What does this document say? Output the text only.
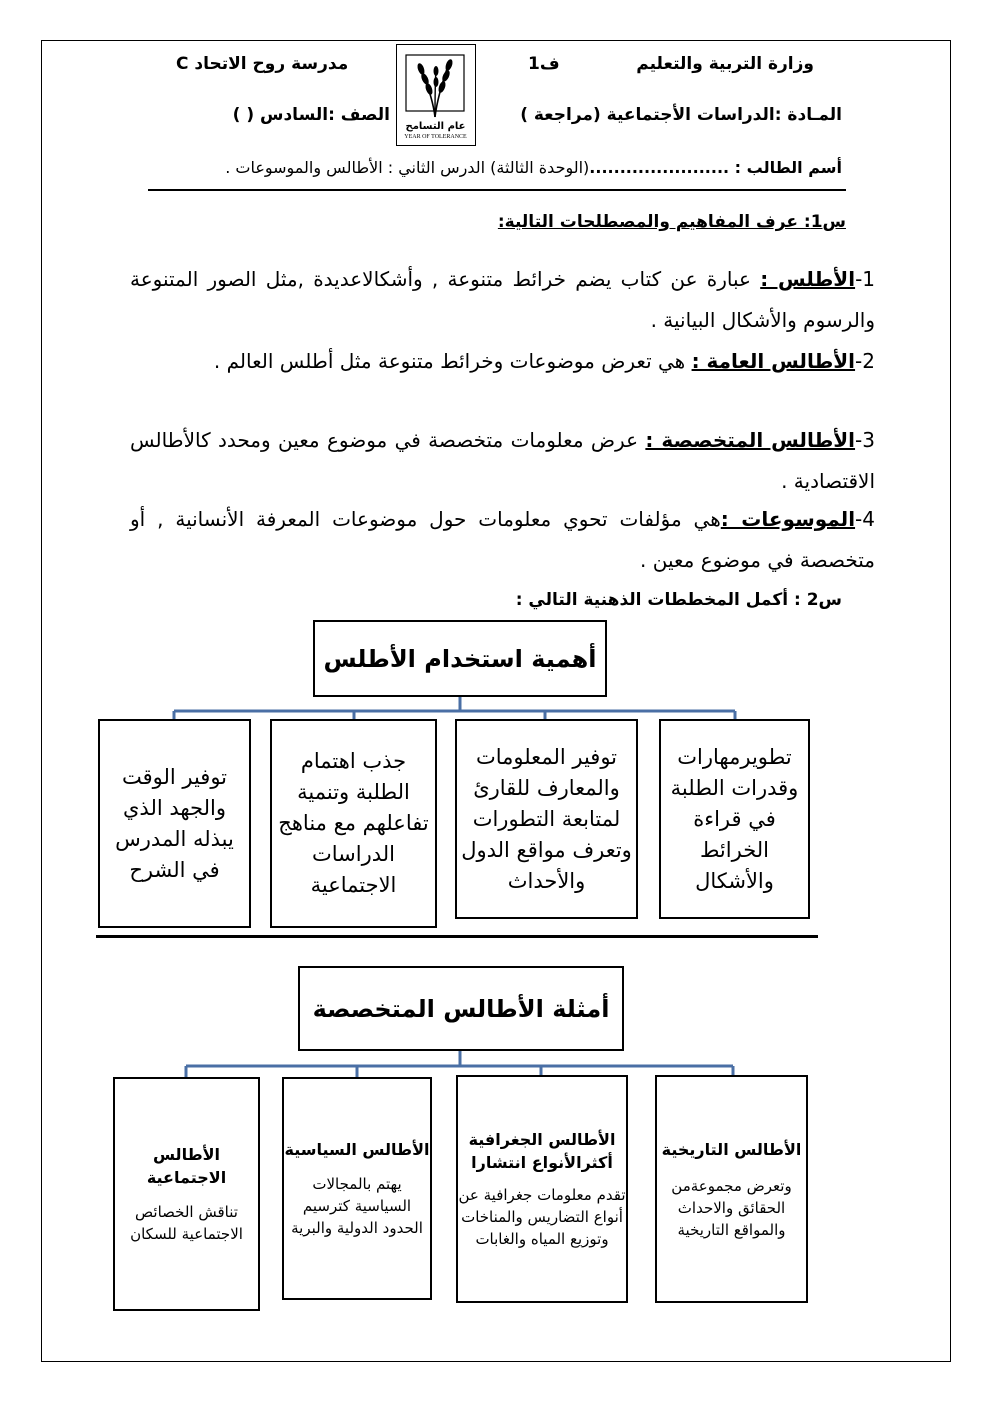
وزارة التربية والتعليم
ف1
مدرسة روح الاتحاد C
عام التسامح
YEAR OF TOLERANCE
المـادة :الدراسات الأجتماعية (مراجعة )
الصف :السادس ( )
أسم الطالب : .......................(الوحدة الثالثة) الدرس الثاني : الأطالس والموسوعات .
س1: عرف المفاهيم والمصطلحات التالية:
1-الأطلس : عبارة عن كتاب يضم خرائط متنوعة , وأشكالاعديدة ,مثل الصور المتنوعة والرسوم والأشكال البيانية .
2-الأطالس العامة : هي تعرض موضوعات وخرائط متنوعة مثل أطلس العالم .
3-الأطالس المتخصصة : عرض معلومات متخصصة في موضوع معين ومحدد كالأطالس الاقتصادية .
4-الموسوعات :هي مؤلفات تحوي معلومات حول موضوعات المعرفة الأنسانية , أو متخصصة في موضوع معين .
س2 : أكمل المخططات الذهنية التالي :
أهمية استخدام الأطلس
تطويرمهارات وقدرات الطلبة في قراءة الخرائط والأشكال
توفير المعلومات والمعارف للقارئ لمتابعة التطورات وتعرف مواقع الدول والأحداث
جذب اهتمام الطلبة وتنمية تفاعلهم مع مناهج الدراسات الاجتماعية
توفير الوقت والجهد الذي يبذله المدرس في الشرح
أمثلة الأطالس المتخصصة
الأطالس التاريخية
وتعرض مجموعةمن الحقائق والاحداث والمواقع التاريخية
الأطالس الجغرافية أكثرالأنواع انتشارا
تقدم معلومات جغرافية عن أنواع التضاريس والمناخات وتوزيع المياه والغابات
الأطالس السياسية
يهتم بالمجالات السياسية كترسيم الحدود الدولية والبرية
الأطالس الاجتماعية
تناقش الخصائص الاجتماعية للسكان
